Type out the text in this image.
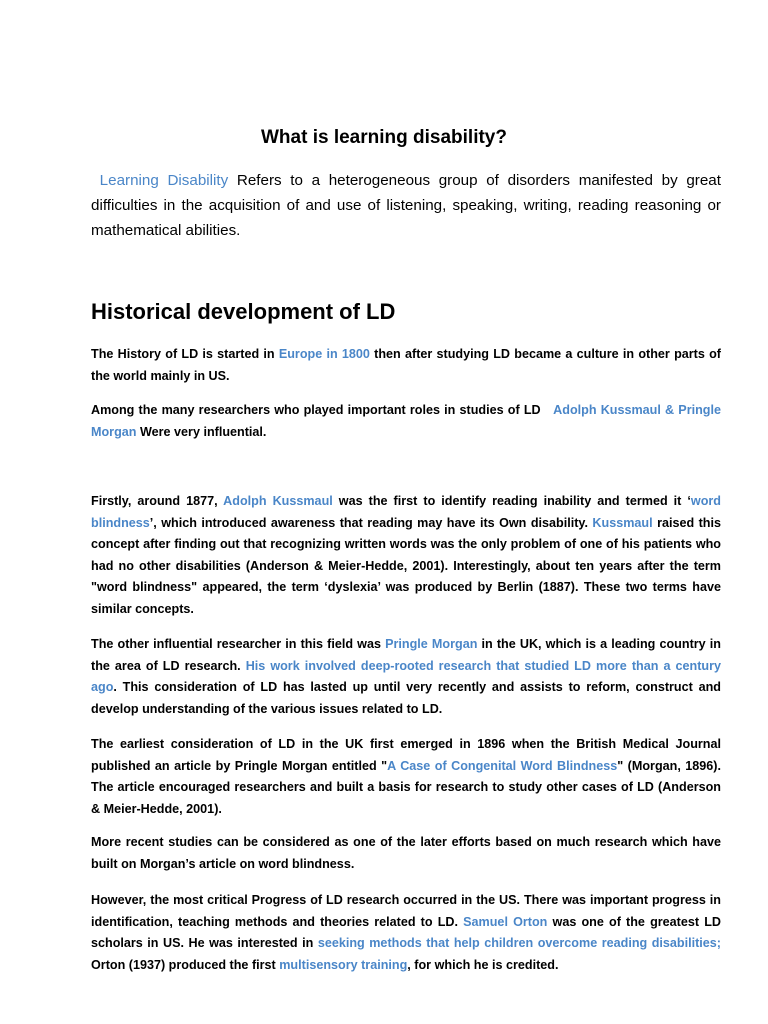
What is learning disability?
Learning Disability Refers to a heterogeneous group of disorders manifested by great difficulties in the acquisition of and use of listening, speaking, writing, reading reasoning or mathematical abilities.
Historical development of LD
The History of LD is started in Europe in 1800 then after studying LD became a culture in other parts of the world mainly in US.
Among the many researchers who played important roles in studies of LD   Adolph Kussmaul & Pringle Morgan Were very influential.
Firstly, around 1877, Adolph Kussmaul was the first to identify reading inability and termed it ‘word blindness’, which introduced awareness that reading may have its Own disability. Kussmaul raised this concept after finding out that recognizing written words was the only problem of one of his patients who had no other disabilities (Anderson & Meier-Hedde, 2001). Interestingly, about ten years after the term "word blindness" appeared, the term ‘dyslexia’ was produced by Berlin (1887). These two terms have similar concepts.
The other influential researcher in this field was Pringle Morgan in the UK, which is a leading country in the area of LD research. His work involved deep-rooted research that studied LD more than a century ago. This consideration of LD has lasted up until very recently and assists to reform, construct and develop understanding of the various issues related to LD.
The earliest consideration of LD in the UK first emerged in 1896 when the British Medical Journal published an article by Pringle Morgan entitled "A Case of Congenital Word Blindness" (Morgan, 1896). The article encouraged researchers and built a basis for research to study other cases of LD (Anderson & Meier-Hedde, 2001).
More recent studies can be considered as one of the later efforts based on much research which have built on Morgan’s article on word blindness.
However, the most critical Progress of LD research occurred in the US. There was important progress in identification, teaching methods and theories related to LD. Samuel Orton was one of the greatest LD scholars in US. He was interested in seeking methods that help children overcome reading disabilities; Orton (1937) produced the first multisensory training, for which he is credited.
